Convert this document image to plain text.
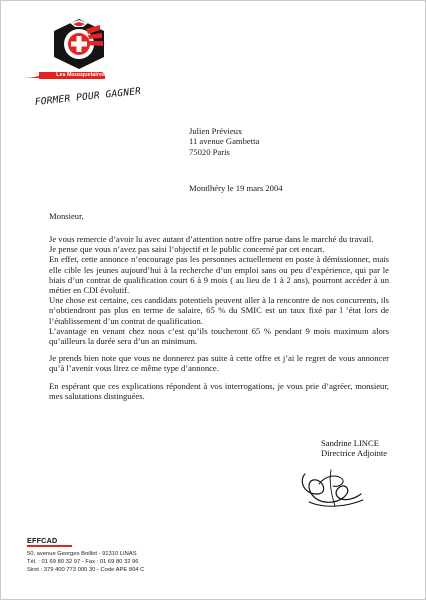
Les Mousquetaires
FORMER POUR GAGNER
Julien Prévieux
11 avenue Gambetta
75020 Paris
Montlhéry le 19 mars 2004
Monsieur,

Je vous remercie d’avoir lu avec autant d’attention notre offre parue dans le marché du travail.

Je pense que vous n’avez pas saisi l’objectif et le public concerné par cet encart.

En effet, cette annonce n’encourage pas les personnes actuellement en poste à démissionner, mais elle cible les jeunes aujourd’hui à la recherche d’un emploi sans ou peu d’expérience, qui par le biais d’un contrat de qualification court 6 à 9 mois ( au lieu de 1 à 2 ans), pourront accéder à un métier en CDI évolutif.

Une chose est certaine, ces candidats potentiels peuvent aller à la rencontre de nos concurrents, ils n’obtiendront pas plus en terme de salaire, 65 % du SMIC est un taux fixé par l ’état lors de l’établissement d’un contrat de qualification.

L’avantage en venant chez nous c’est qu’ils toucheront 65 % pendant 9 mois maximum alors qu’ailleurs la durée sera d’un an minimum.

Je prends bien note que vous ne donnerez pas suite à cette offre et j’ai le regret de vous annoncer qu’à l’avenir vous lirez ce même type d’annonce.

En espérant que ces explications répondent à vos interrogations, je vous prie d’agréer, monsieur, mes salutations distinguées.

Sandrine LINCE
Directrice Adjointe
EFFCAD
50, avenue Georges Boillot - 91310 LINAS
Tél. : 01 69 80 32 97 - Fax : 01 69 80 32 96
Siret : 379 400 773 000 30 - Code APE 804 C
